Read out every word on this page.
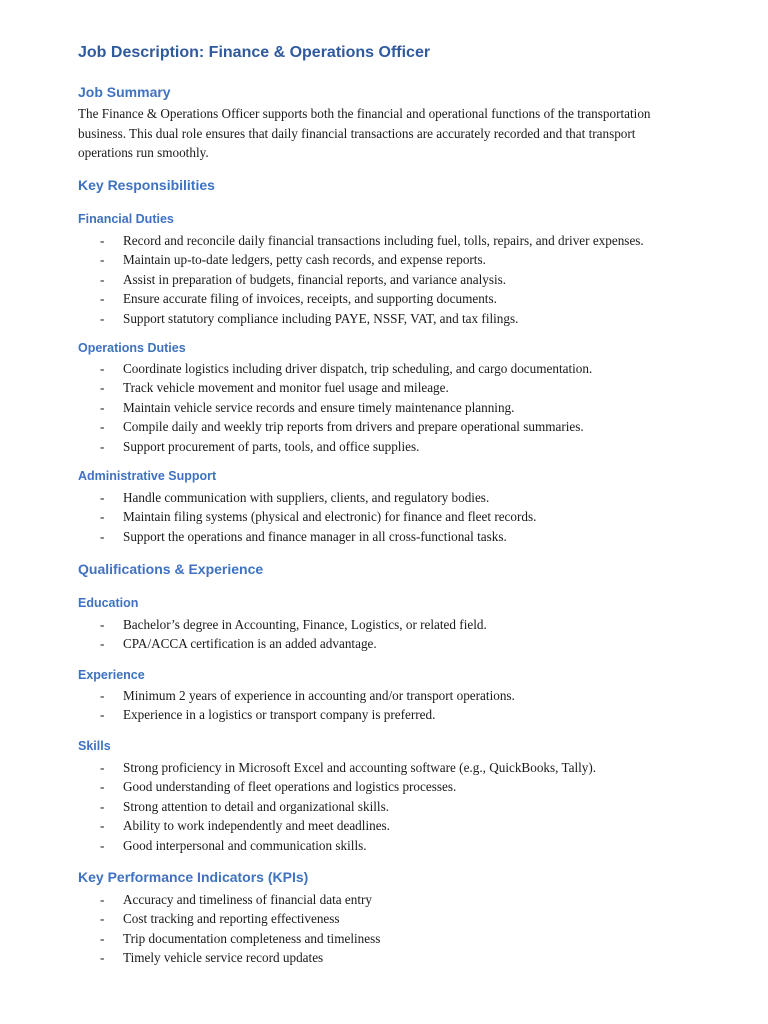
Job Description: Finance & Operations Officer
Job Summary

The Finance & Operations Officer supports both the financial and operational functions of the transportation
business. This dual role ensures that daily financial transactions are accurately recorded and that transport
operations run smoothly.

Key Responsibilities
Financial Duties
- Record and reconcile daily financial transactions including fuel, tolls, repairs, and driver expenses.
- Maintain up-to-date ledgers, petty cash records, and expense reports.
- Assist in preparation of budgets, financial reports, and variance analysis.
- Ensure accurate filing of invoices, receipts, and supporting documents.
- Support statutory compliance including PAYE, NSSF, VAT, and tax filings.
Operations Duties
- Coordinate logistics including driver dispatch, trip scheduling, and cargo documentation.
- Track vehicle movement and monitor fuel usage and mileage.
- Maintain vehicle service records and ensure timely maintenance planning.
- Compile daily and weekly trip reports from drivers and prepare operational summaries.
- Support procurement of parts, tools, and office supplies.
Administrative Support
- Handle communication with suppliers, clients, and regulatory bodies.
- Maintain filing systems (physical and electronic) for finance and fleet records.
- Support the operations and finance manager in all cross-functional tasks.
Qualifications & Experience
Education
- Bachelor’s degree in Accounting, Finance, Logistics, or related field.
- CPA/ACCA certification is an added advantage.
Experience
- Minimum 2 years of experience in accounting and/or transport operations.
- Experience in a logistics or transport company is preferred.
Skills
- Strong proficiency in Microsoft Excel and accounting software (e.g., QuickBooks, Tally).
- Good understanding of fleet operations and logistics processes.
- Strong attention to detail and organizational skills.
- Ability to work independently and meet deadlines.
- Good interpersonal and communication skills.
Key Performance Indicators (KPIs)
- Accuracy and timeliness of financial data entry
- Cost tracking and reporting effectiveness
- Trip documentation completeness and timeliness
- Timely vehicle service record updates
